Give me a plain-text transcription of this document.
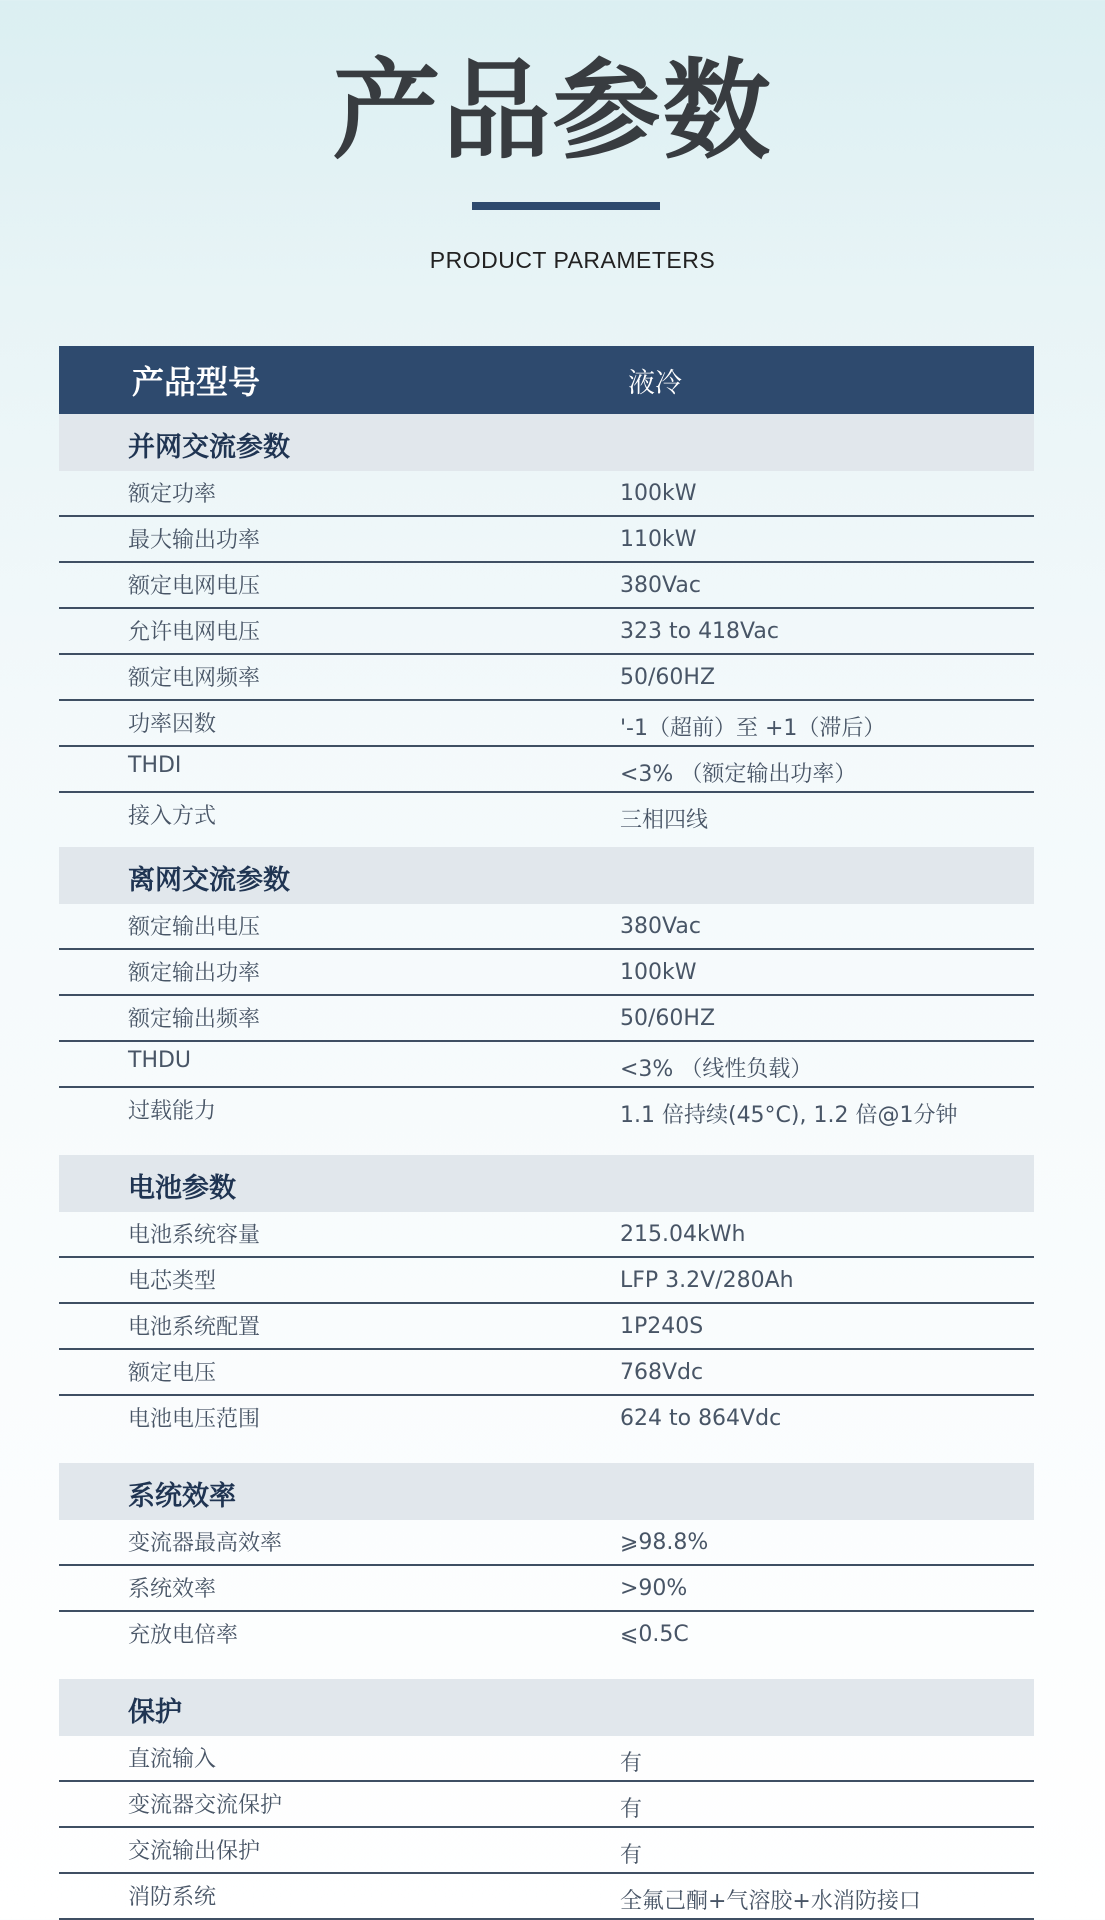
产品参数
PRODUCT PARAMETERS
产品型号	液冷
并网交流参数
额定功率	100kW
最大输出功率	110kW
额定电网电压	380Vac
允许电网电压	323 to 418Vac
额定电网频率	50/60HZ
功率因数	'-1（超前）至 +1（滞后）
THDI	<3% （额定输出功率）
接入方式	三相四线
离网交流参数
额定输出电压	380Vac
额定输出功率	100kW
额定输出频率	50/60HZ
THDU	<3% （线性负载）
过载能力	1.1 倍持续(45°C), 1.2 倍@1分钟
电池参数
电池系统容量	215.04kWh
电芯类型	LFP 3.2V/280Ah
电池系统配置	1P240S
额定电压	768Vdc
电池电压范围	624 to 864Vdc
系统效率
变流器最高效率	⩾98.8%
系统效率	>90%
充放电倍率	⩽0.5C
保护
直流输入	有
变流器交流保护	有
交流输出保护	有
消防系统	全氟己酮+气溶胶+水消防接口
